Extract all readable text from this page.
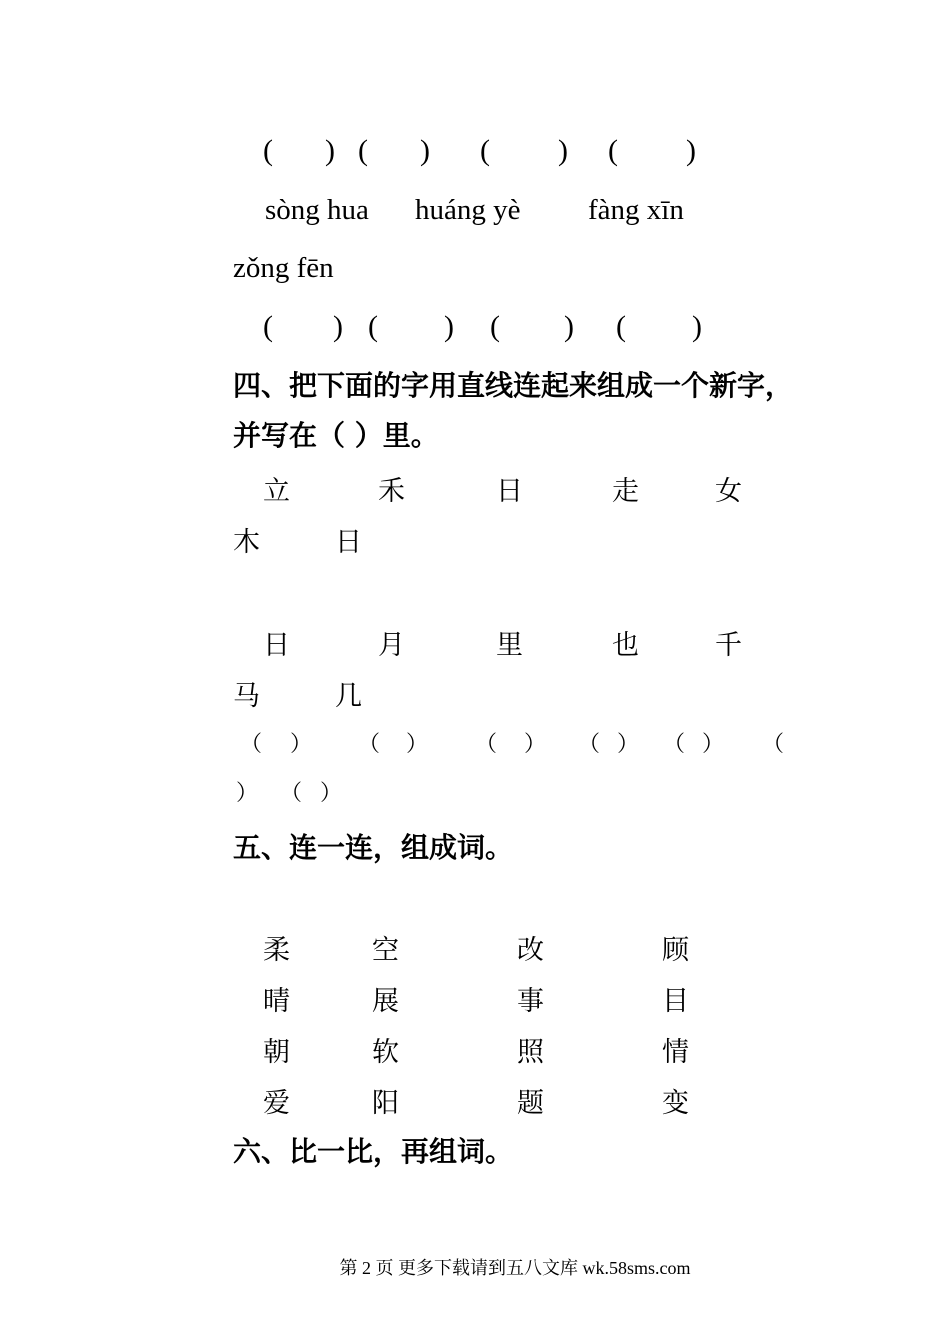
( ) ( ) ( ) ( )
sòng hua huáng yè fàng xīn
zǒng fēn
( ) ( ) ( ) ( )
四、把下面的字用直线连起来组成一个新字，
并写在（ ）里。
立	禾	日	走	女
木	日
日	月	里	也	千
马	几
（ ） （ ） （ ） （ ） （ ） （
） （ ）
五、连一连，组成词。
柔	空	改	顾
晴	展	事	目
朝	软	照	情
爱	阳	题	变
六、比一比，再组词。
第 2 页 更多下载请到五八文库 wk.58sms.com
